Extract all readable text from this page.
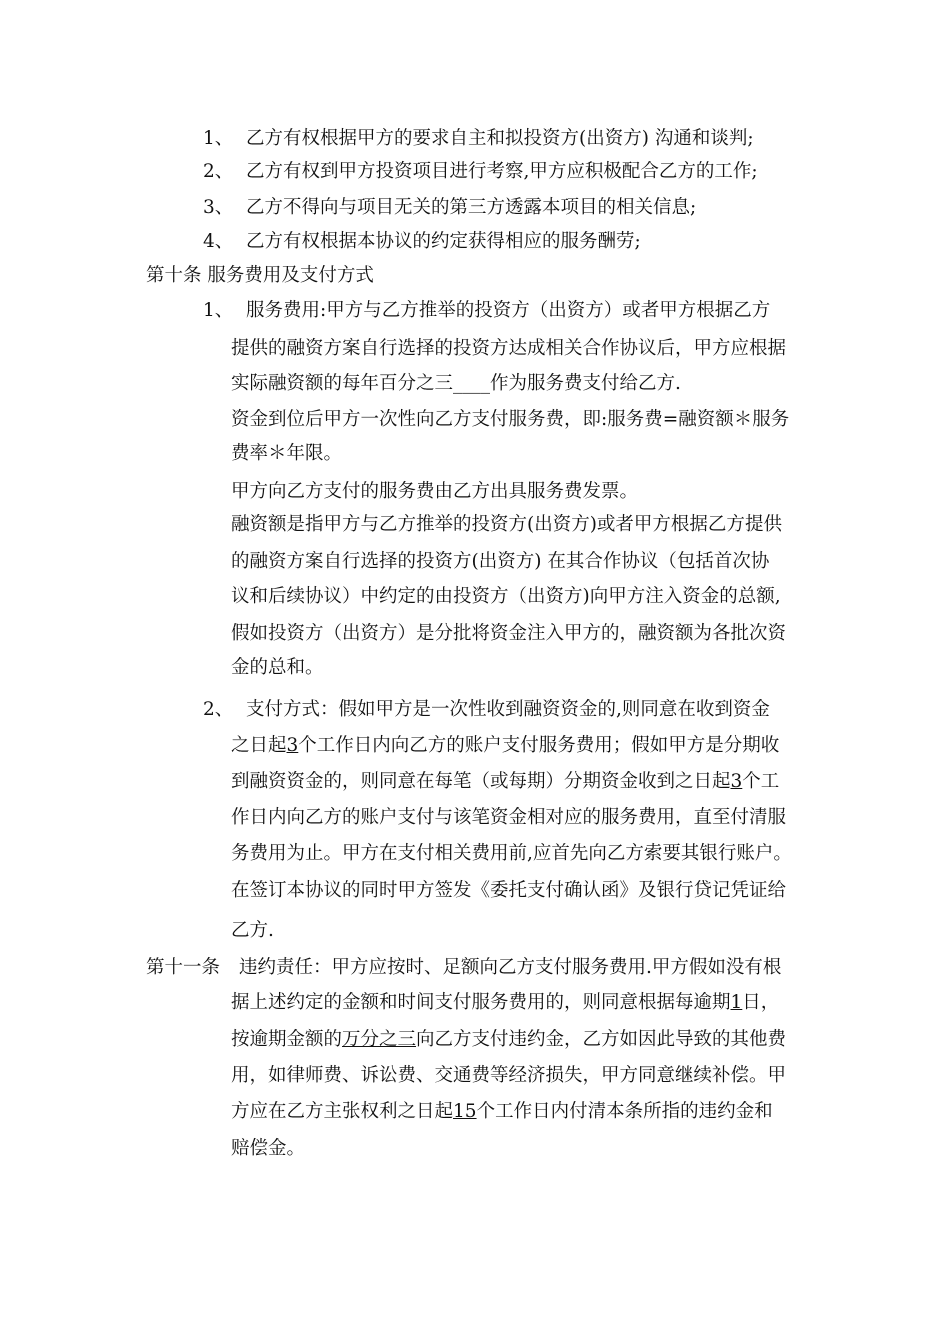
1、 乙方有权根据甲方的要求自主和拟投资方(出资方) 沟通和谈判;
2、 乙方有权到甲方投资项目进行考察,甲方应积极配合乙方的工作;
3、 乙方不得向与项目无关的第三方透露本项目的相关信息;
4、 乙方有权根据本协议的约定获得相应的服务酬劳;
第十条 服务费用及支付方式
1、 服务费用:甲方与乙方推举的投资方（出资方）或者甲方根据乙方
提供的融资方案自行选择的投资方达成相关合作协议后，甲方应根据
实际融资额的每年百分之三____作为服务费支付给乙方.
资金到位后甲方一次性向乙方支付服务费，即:服务费=融资额＊服务
费率＊年限。
甲方向乙方支付的服务费由乙方出具服务费发票。
融资额是指甲方与乙方推举的投资方(出资方)或者甲方根据乙方提供
的融资方案自行选择的投资方(出资方) 在其合作协议（包括首次协
议和后续协议）中约定的由投资方（出资方)向甲方注入资金的总额,
假如投资方（出资方）是分批将资金注入甲方的，融资额为各批次资
金的总和。
2、 支付方式：假如甲方是一次性收到融资资金的,则同意在收到资金
之日起3个工作日内向乙方的账户支付服务费用；假如甲方是分期收
到融资资金的，则同意在每笔（或每期）分期资金收到之日起3个工
作日内向乙方的账户支付与该笔资金相对应的服务费用，直至付清服
务费用为止。甲方在支付相关费用前,应首先向乙方索要其银行账户。
在签订本协议的同时甲方签发《委托支付确认函》及银行贷记凭证给
乙方.
第十一条 违约责任：甲方应按时、足额向乙方支付服务费用.甲方假如没有根
据上述约定的金额和时间支付服务费用的，则同意根据每逾期1日，
按逾期金额的万分之三向乙方支付违约金，乙方如因此导致的其他费
用，如律师费、诉讼费、交通费等经济损失，甲方同意继续补偿。甲
方应在乙方主张权利之日起15个工作日内付清本条所指的违约金和
赔偿金。
